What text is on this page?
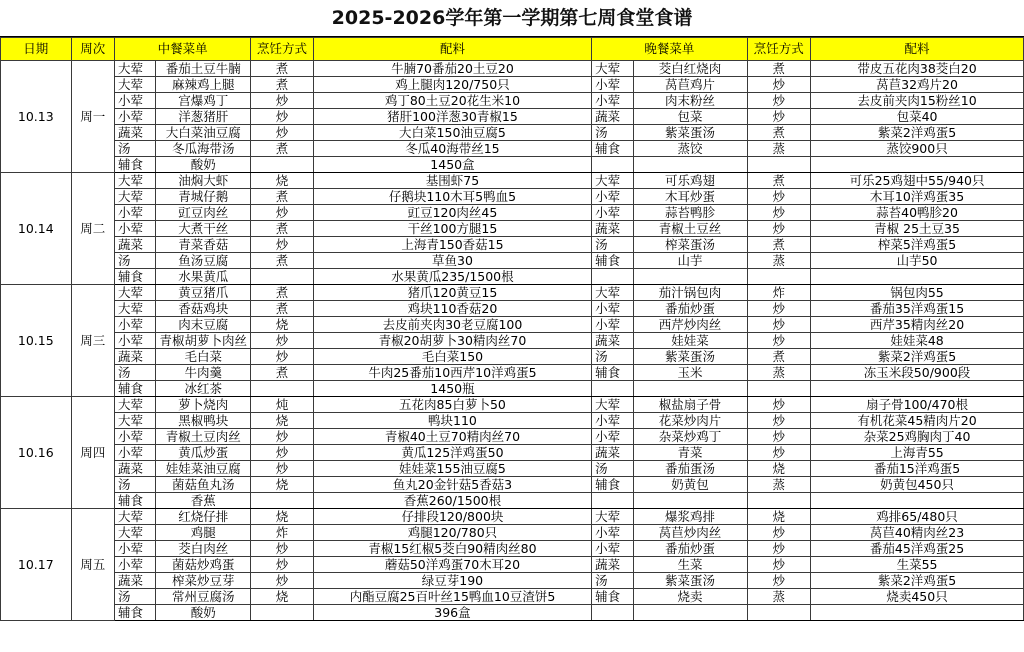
2025-2026学年第一学期第七周食堂食谱
日期	周次	中餐菜单		烹饪方式	配料	晚餐菜单		烹饪方式	配料
10.13	周一	大荤	番茄土豆牛腩	煮	牛腩70番茄20土豆20	大荤	茭白红烧肉	煮	带皮五花肉38茭白20
		大荤	麻辣鸡上腿	煮	鸡上腿肉120/750只	小荤	莴苣鸡片	炒	莴苣32鸡片20
		小荤	宫爆鸡丁	炒	鸡丁80土豆20花生米10	小荤	肉末粉丝	炒	去皮前夹肉15粉丝10
		小荤	洋葱猪肝	炒	猪肝100洋葱30青椒15	蔬菜	包菜	炒	包菜40
		蔬菜	大白菜油豆腐	炒	大白菜150油豆腐5	汤	紫菜蛋汤	煮	紫菜2洋鸡蛋5
		汤	冬瓜海带汤	煮	冬瓜40海带丝15	辅食	蒸饺	蒸	蒸饺900只
		辅食	酸奶		1450盒				
10.14	周二	大荤	油焖大虾	烧	基围虾75	大荤	可乐鸡翅	煮	可乐25鸡翅中55/940只
		大荤	青城仔鹅	煮	仔鹅块110木耳5鸭血5	小荤	木耳炒蛋	炒	木耳10洋鸡蛋35
		小荤	豇豆肉丝	炒	豇豆120肉丝45	小荤	蒜苔鸭胗	炒	蒜苔40鸭胗20
		小荤	大煮干丝	煮	干丝100方腿15	蔬菜	青椒土豆丝	炒	青椒 25土豆35
		蔬菜	青菜香菇	炒	上海青150香菇15	汤	榨菜蛋汤	煮	榨菜5洋鸡蛋5
		汤	鱼汤豆腐	煮	草鱼30	辅食	山芋	蒸	山芋50
		辅食	水果黄瓜		水果黄瓜235/1500根				
10.15	周三	大荤	黄豆猪爪	煮	猪爪120黄豆15	大荤	茄汁锅包肉	炸	锅包肉55
		大荤	香菇鸡块	煮	鸡块110香菇20	小荤	番茄炒蛋	炒	番茄35洋鸡蛋15
		小荤	肉末豆腐	烧	去皮前夹肉30老豆腐100	小荤	西芹炒肉丝	炒	西芹35精肉丝20
		小荤	青椒胡萝卜肉丝	炒	青椒20胡萝卜30精肉丝70	蔬菜	娃娃菜	炒	娃娃菜48
		蔬菜	毛白菜	炒	毛白菜150	汤	紫菜蛋汤	煮	紫菜2洋鸡蛋5
		汤	牛肉羹	煮	牛肉25番茄10西芹10洋鸡蛋5	辅食	玉米	蒸	冻玉米段50/900段
		辅食	冰红茶		1450瓶				
10.16	周四	大荤	萝卜烧肉	炖	五花肉85白萝卜50	大荤	椒盐扇子骨	炒	扇子骨100/470根
		大荤	黑椒鸭块	烧	鸭块110	小荤	花菜炒肉片	炒	有机花菜45精肉片20
		小荤	青椒土豆肉丝	炒	青椒40土豆70精肉丝70	小荤	杂菜炒鸡丁	炒	杂菜25鸡胸肉丁40
		小荤	黄瓜炒蛋	炒	黄瓜125洋鸡蛋50	蔬菜	青菜	炒	上海青55
		蔬菜	娃娃菜油豆腐	炒	娃娃菜155油豆腐5	汤	番茄蛋汤	烧	番茄15洋鸡蛋5
		汤	菌菇鱼丸汤	烧	鱼丸20金针菇5香菇3	辅食	奶黄包	蒸	奶黄包450只
		辅食	香蕉		香蕉260/1500根				
10.17	周五	大荤	红烧仔排	烧	仔排段120/800块	大荤	爆浆鸡排	烧	鸡排65/480只
		大荤	鸡腿	炸	鸡腿120/780只	小荤	莴苣炒肉丝	炒	莴苣40精肉丝23
		小荤	茭白肉丝	炒	青椒15红椒5茭白90精肉丝80	小荤	番茄炒蛋	炒	番茄45洋鸡蛋25
		小荤	菌菇炒鸡蛋	炒	蘑菇50洋鸡蛋70木耳20	蔬菜	生菜	炒	生菜55
		蔬菜	榨菜炒豆芽	炒	绿豆芽190	汤	紫菜蛋汤	炒	紫菜2洋鸡蛋5
		汤	常州豆腐汤	烧	内酯豆腐25百叶丝15鸭血10豆渣饼5	辅食	烧卖	蒸	烧卖450只
		辅食	酸奶		396盒				
